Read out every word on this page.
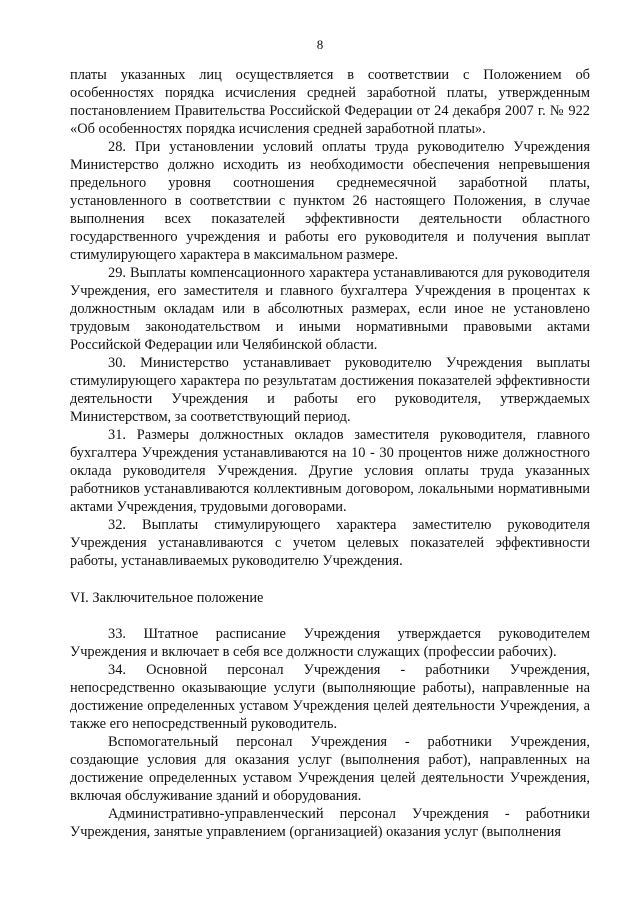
8

платы указанных лиц осуществляется в соответствии с Положением об особенностях порядка исчисления средней заработной платы, утвержденным постановлением Правительства Российской Федерации от 24 декабря 2007 г. № 922 «Об особенностях порядка исчисления средней заработной платы».

28. При установлении условий оплаты труда руководителю Учреждения Министерство должно исходить из необходимости обеспечения непревышения предельного уровня соотношения среднемесячной заработной платы, установленного в соответствии с пунктом 26 настоящего Положения, в случае выполнения всех показателей эффективности деятельности областного государственного учреждения и работы его руководителя и получения выплат стимулирующего характера в максимальном размере.

29. Выплаты компенсационного характера устанавливаются для руководителя Учреждения, его заместителя и главного бухгалтера Учреждения в процентах к должностным окладам или в абсолютных размерах, если иное не установлено трудовым законодательством и иными нормативными правовыми актами Российской Федерации или Челябинской области.

30. Министерство устанавливает руководителю Учреждения выплаты стимулирующего характера по результатам достижения показателей эффективности деятельности Учреждения и работы его руководителя, утверждаемых Министерством, за соответствующий период.

31. Размеры должностных окладов заместителя руководителя, главного бухгалтера Учреждения устанавливаются на 10 - 30 процентов ниже должностного оклада руководителя Учреждения. Другие условия оплаты труда указанных работников устанавливаются коллективным договором, локальными нормативными актами Учреждения, трудовыми договорами.

32. Выплаты стимулирующего характера заместителю руководителя Учреждения устанавливаются с учетом целевых показателей эффективности работы, устанавливаемых руководителю Учреждения.

VI. Заключительное положение

33. Штатное расписание Учреждения утверждается руководителем Учреждения и включает в себя все должности служащих (профессии рабочих).

34. Основной персонал Учреждения - работники Учреждения, непосредственно оказывающие услуги (выполняющие работы), направленные на достижение определенных уставом Учреждения целей деятельности Учреждения, а также его непосредственный руководитель.

Вспомогательный персонал Учреждения - работники Учреждения, создающие условия для оказания услуг (выполнения работ), направленных на достижение определенных уставом Учреждения целей деятельности Учреждения, включая обслуживание зданий и оборудования.

Административно-управленческий персонал Учреждения - работники Учреждения, занятые управлением (организацией) оказания услуг (выполнения
